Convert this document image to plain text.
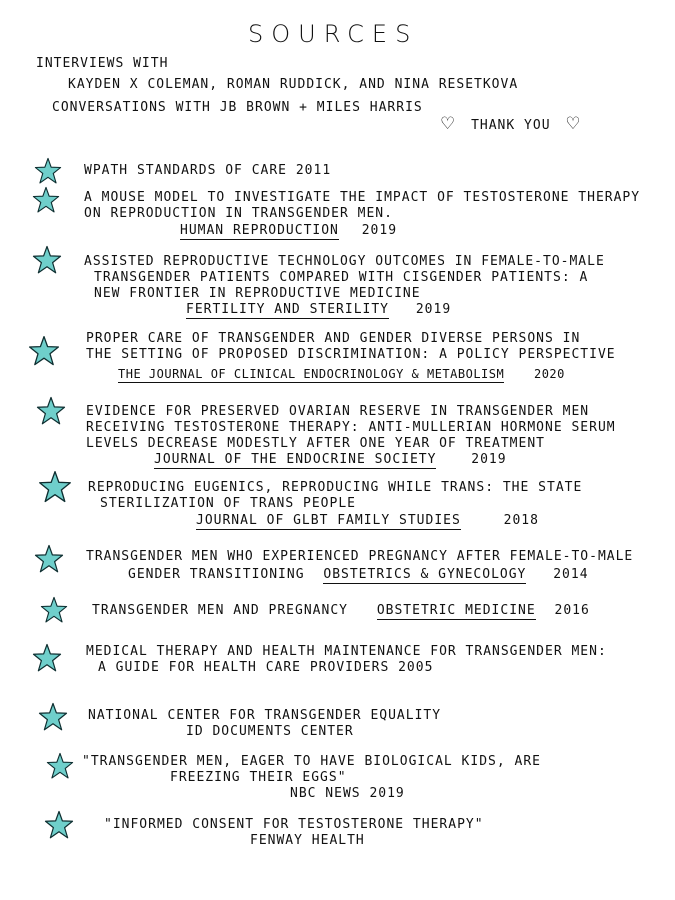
SOURCES
INTERVIEWS WITH
KAYDEN X COLEMAN, ROMAN RUDDICK, AND NINA RESETKOVA
CONVERSATIONS WITH JB BROWN + MILES HARRIS
♡ THANK YOU ♡
WPATH STANDARDS OF CARE 2011
A MOUSE MODEL TO INVESTIGATE THE IMPACT OF TESTOSTERONE THERAPY
ON REPRODUCTION IN TRANSGENDER MEN.
HUMAN REPRODUCTION 2019
ASSISTED REPRODUCTIVE TECHNOLOGY OUTCOMES IN FEMALE-TO-MALE
TRANSGENDER PATIENTS COMPARED WITH CISGENDER PATIENTS: A
NEW FRONTIER IN REPRODUCTIVE MEDICINE
FERTILITY AND STERILITY 2019
PROPER CARE OF TRANSGENDER AND GENDER DIVERSE PERSONS IN
THE SETTING OF PROPOSED DISCRIMINATION: A POLICY PERSPECTIVE
THE JOURNAL OF CLINICAL ENDOCRINOLOGY & METABOLISM 2020
EVIDENCE FOR PRESERVED OVARIAN RESERVE IN TRANSGENDER MEN
RECEIVING TESTOSTERONE THERAPY: ANTI-MULLERIAN HORMONE SERUM
LEVELS DECREASE MODESTLY AFTER ONE YEAR OF TREATMENT
JOURNAL OF THE ENDOCRINE SOCIETY	2019
REPRODUCING EUGENICS, REPRODUCING WHILE TRANS: THE STATE
STERILIZATION OF TRANS PEOPLE
JOURNAL OF GLBT FAMILY STUDIES	2018
TRANSGENDER MEN WHO EXPERIENCED PREGNANCY AFTER FEMALE-TO-MALE
GENDER TRANSITIONING OBSTETRICS & GYNECOLOGY 2014
TRANSGENDER MEN AND PREGNANCY OBSTETRIC MEDICINE 2016
MEDICAL THERAPY AND HEALTH MAINTENANCE FOR TRANSGENDER MEN:
A GUIDE FOR HEALTH CARE PROVIDERS 2005
NATIONAL CENTER FOR TRANSGENDER EQUALITY
ID DOCUMENTS CENTER
"TRANSGENDER MEN, EAGER TO HAVE BIOLOGICAL KIDS, ARE
FREEZING THEIR EGGS"
NBC NEWS 2019
"INFORMED CONSENT FOR TESTOSTERONE THERAPY"
FENWAY HEALTH
